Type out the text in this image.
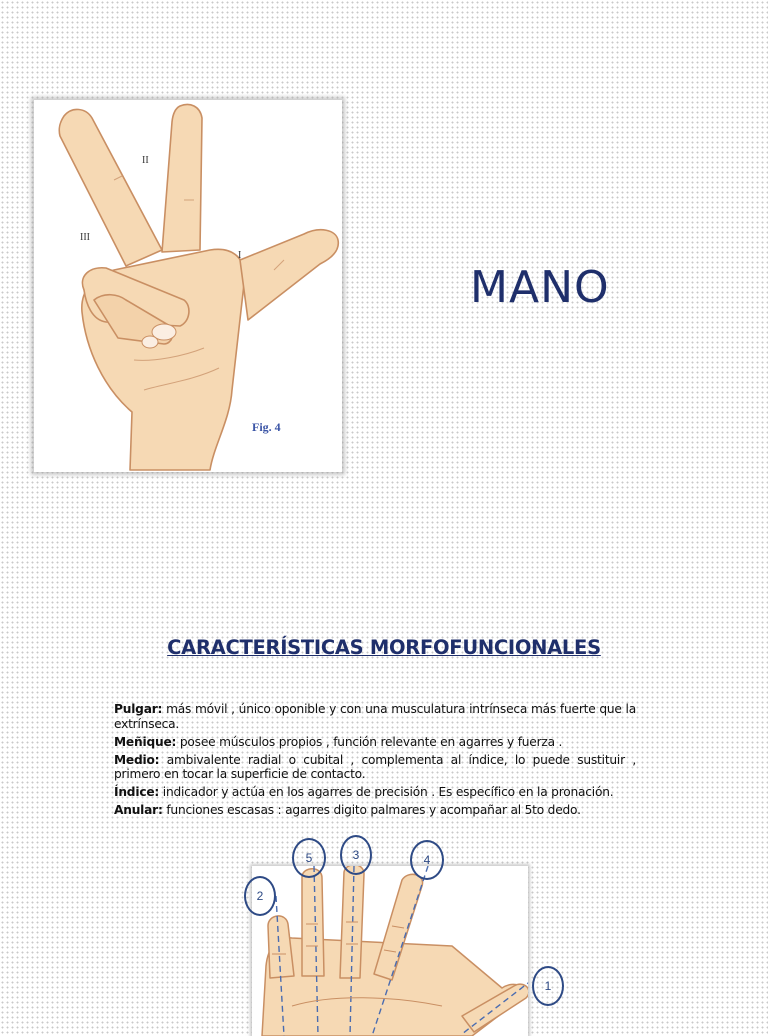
II
III
I
Fig. 4
MANO
CARACTERÍSTICAS MORFOFUNCIONALES

Pulgar: más móvil , único oponible y con una musculatura intrínseca más fuerte que la extrínseca.

Meñique: posee músculos propios , función relevante en agarres y fuerza .

Medio: ambivalente radial o cubital , complementa al índice, lo puede sustituir , primero en tocar la superficie de contacto.

Índice: indicador y actúa en los agarres de precisión . Es específico en la pronación.

Anular: funciones escasas : agarres digito palmares y acompañar al 5to dedo.

2
5	3	4
1
